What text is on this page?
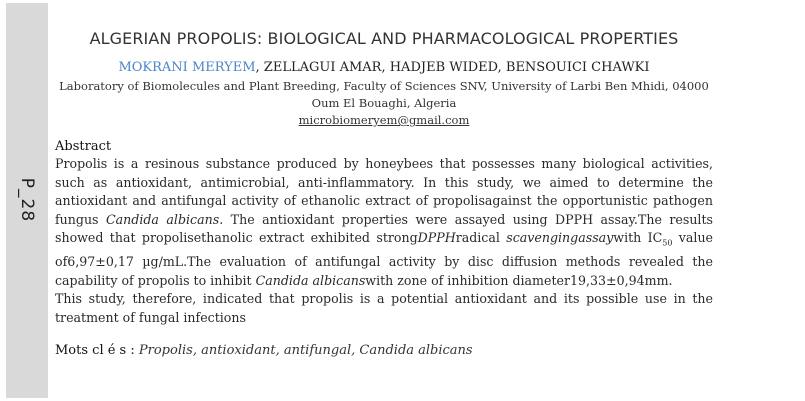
P_28
ALGERIAN PROPOLIS: BIOLOGICAL AND PHARMACOLOGICAL PROPERTIES
MOKRANI MERYEM, ZELLAGUI AMAR, HADJEB WIDED, BENSOUICI CHAWKI
Laboratory of Biomolecules and Plant Breeding, Faculty of Sciences SNV, University of Larbi Ben Mhidi, 04000 Oum El Bouaghi, Algeria
microbiomeryem@gmail.com
Abstract
Propolis is a resinous substance produced by honeybees that possesses many biological activities, such as antioxidant, antimicrobial, anti-inflammatory. In this study, we aimed to determine the antioxidant and antifungal activity of ethanolic extract of propolisagainst the opportunistic pathogen fungus Candida albicans. The antioxidant properties were assayed using DPPH assay.The results showed that propolisethanolic extract exhibited strongDPPHradical scavengingassaywith $IC_{50}$ value of6,97±0,17 µg/mL.The evaluation of antifungal activity by disc diffusion methods revealed the capability of propolis to inhibit Candida albicanswith zone of inhibition diameter19,33±0,94mm.
This study, therefore, indicated that propolis is a potential antioxidant and its possible use in the treatment of fungal infections
Mots cl é s : Propolis, antioxidant, antifungal, Candida albicans
